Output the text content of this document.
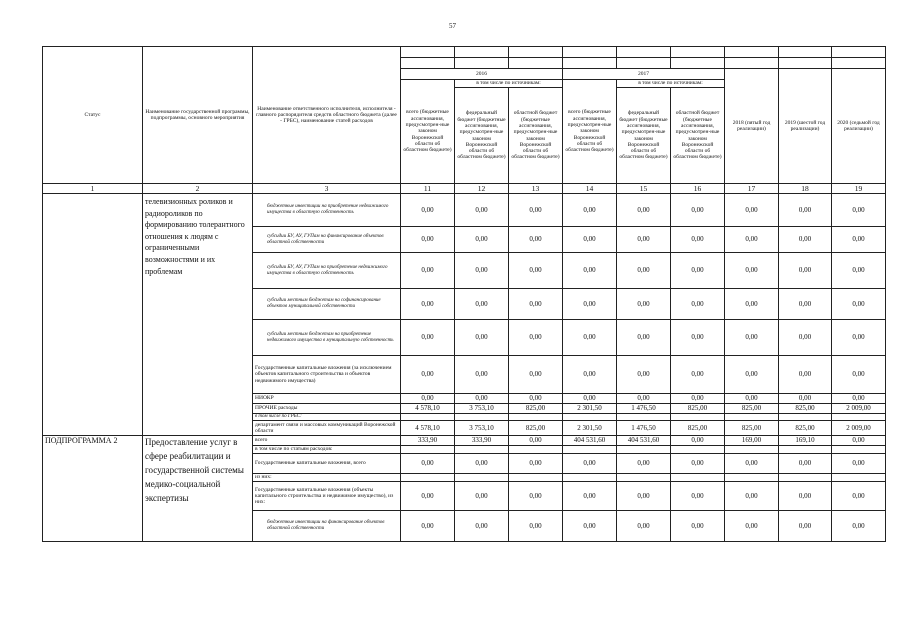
57
Статус	Наименование государственной программы, подпрограммы, основного мероприятия	Наименование ответственного исполнителя, исполнителя - главного распорядителя средств областного бюджета (далее - ГРБС), наименование статей расходов									

			2016			2017			2018 (пятый год реализации)	2019 (шестой год реализации)	2020 (седьмой год реализации)
			всего (бюджетные ассигнования, предусмотрен-ные законом Воронежской области об областном бюджете)	в том числе по источникам:		всего (бюджетные ассигнования, предусмотрен-ные законом Воронежской области об областном бюджете)	в том числе по источникам:				
				федеральный бюджет (бюджетные ассигнования, предусмотрен-ные законом Воронежской области об областном бюджете)	областной бюджет (бюджетные ассигнования, предусмотрен-ные законом Воронежской области об областном бюджете)		федеральный бюджет (бюджетные ассигнования, предусмотрен-ные законом Воронежской области об областном бюджете)	областной бюджет (бюджетные ассигнования, предусмотрен-ные законом Воронежской области об областном бюджете)			
1	2	3	11	12	13	14	15	16	17	18	19
	телевизионных роликов и радиороликов по формированию толерантного отношения к людям с ограниченными возможностями и их проблемам	бюджетные инвестиции на приобретение недвижимого имущества в областную собственность	0,00	0,00	0,00	0,00	0,00	0,00	0,00	0,00	0,00
		субсидии БУ, АУ, ГУПам на финансирование объектов областной собственности	0,00	0,00	0,00	0,00	0,00	0,00	0,00	0,00	0,00
		субсидии БУ, АУ, ГУПам на приобретение недвижимого имущества в областную собственность	0,00	0,00	0,00	0,00	0,00	0,00	0,00	0,00	0,00
		субсидии местным бюджетам на софинансирование объектов муниципальной собственности	0,00	0,00	0,00	0,00	0,00	0,00	0,00	0,00	0,00
		субсидии местным бюджетам на приобретение недвижимого имущества в муниципальную собственность	0,00	0,00	0,00	0,00	0,00	0,00	0,00	0,00	0,00
		Государственные капитальные вложения (за исключением объектов капитального строительства и объектов недвижимого имущества)	0,00	0,00	0,00	0,00	0,00	0,00	0,00	0,00	0,00
		НИОКР	0,00	0,00	0,00	0,00	0,00	0,00	0,00	0,00	0,00
		ПРОЧИЕ расходы	4 578,10	3 753,10	825,00	2 301,50	1 476,50	825,00	825,00	825,00	2 009,00
		в том числе по ГРБС:									
		департамент связи и массовых коммуникаций Воронежской области	4 578,10	3 753,10	825,00	2 301,50	1 476,50	825,00	825,00	825,00	2 009,00
ПОДПРОГРАММА 2	Предоставление услуг в сфере реабилитации и государственной системы медико-социальной экспертизы	всего	333,90	333,90	0,00	404 531,60	404 531,60	0,00	169,00	169,10	0,00
		в том числе по статьям расходов:									
		Государственные капитальные вложения, всего	0,00	0,00	0,00	0,00	0,00	0,00	0,00	0,00	0,00
		из них:									
		Государственные капитальные вложения (объекты капитального строительства и недвижимое имущество), из них:	0,00	0,00	0,00	0,00	0,00	0,00	0,00	0,00	0,00
		бюджетные инвестиции на финансирование объектов областной собственности	0,00	0,00	0,00	0,00	0,00	0,00	0,00	0,00	0,00
